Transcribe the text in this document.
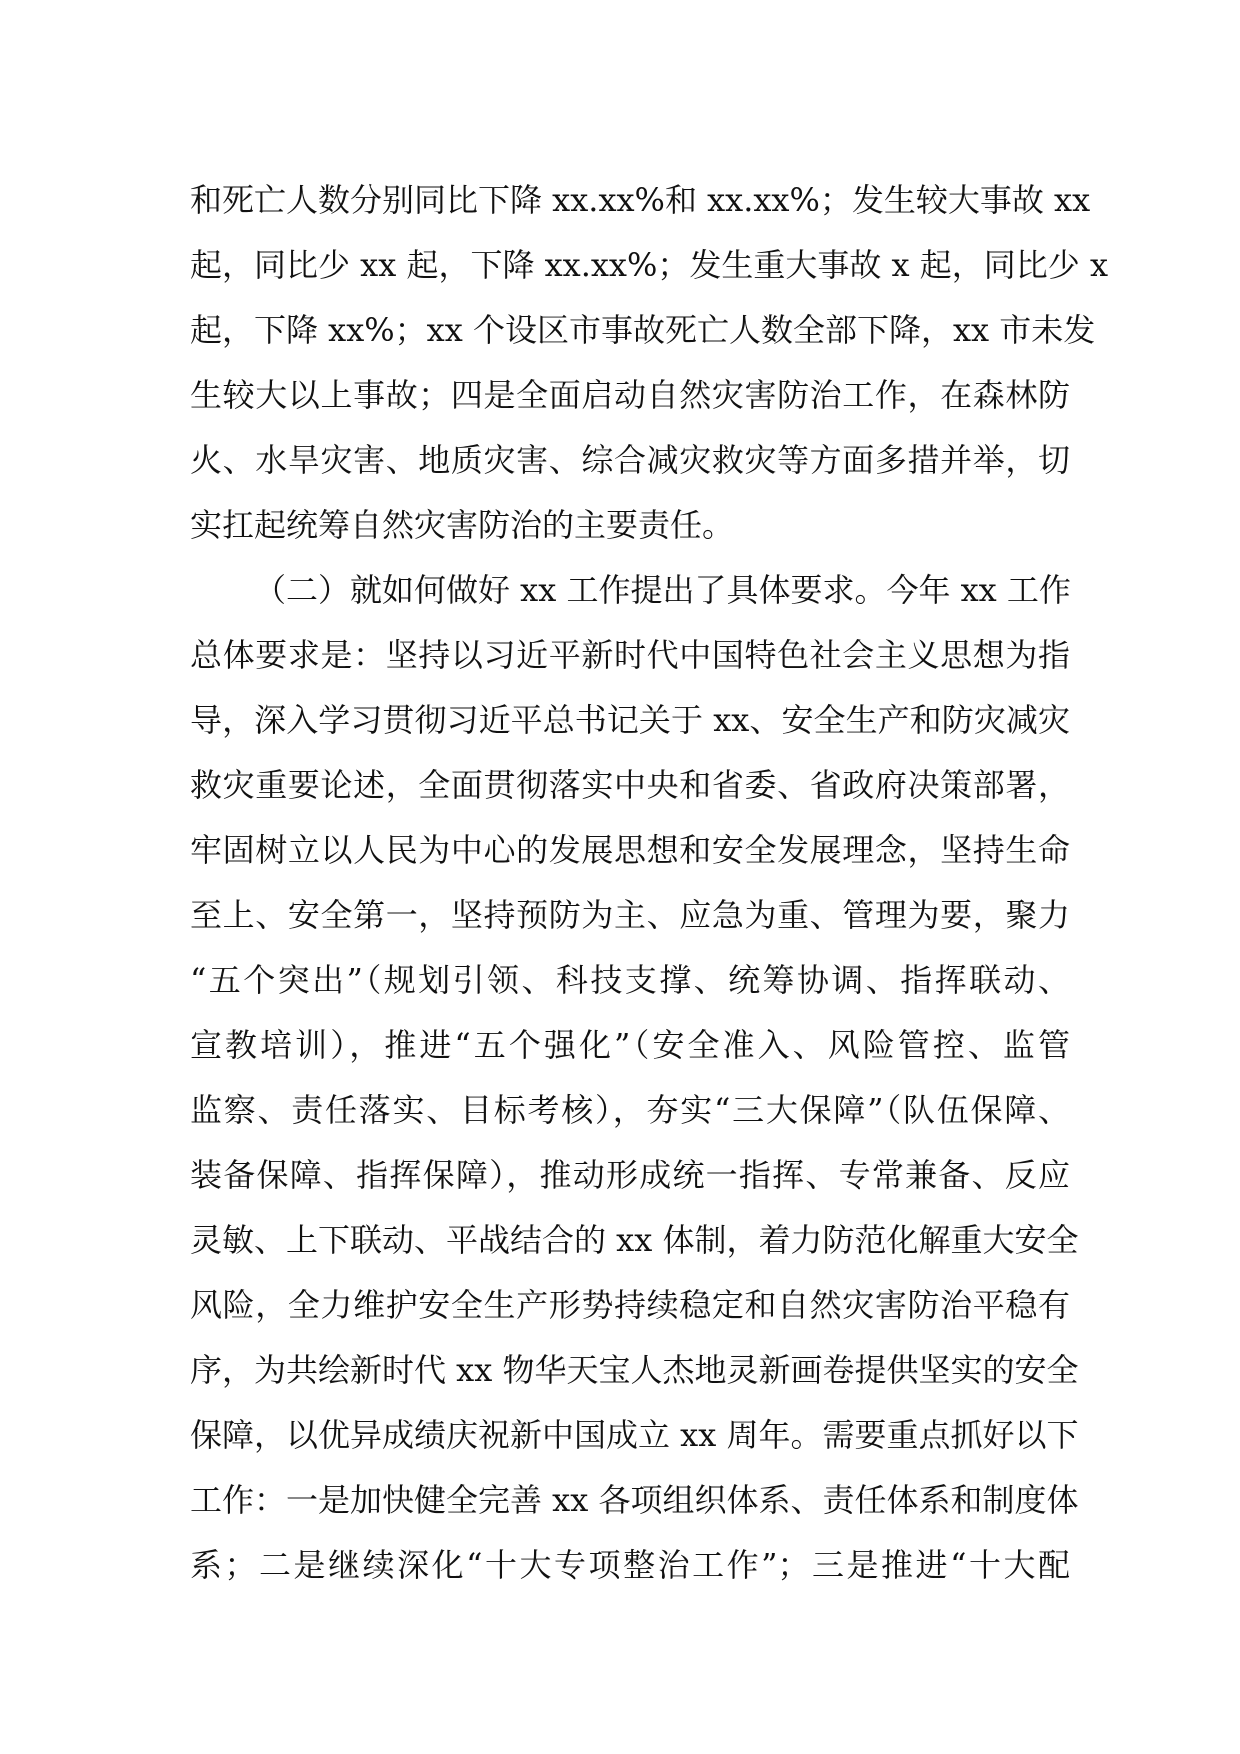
和死亡人数分别同比下降 xx.xx%和 xx.xx%；发生较大事故 xx
起，同比少 xx 起，下降 xx.xx%；发生重大事故 x 起，同比少 x
起，下降 xx%；xx 个设区市事故死亡人数全部下降，xx 市未发
生较大以上事故；四是全面启动自然灾害防治工作，在森林防
火、水旱灾害、地质灾害、综合减灾救灾等方面多措并举，切
实扛起统筹自然灾害防治的主要责任。
（二）就如何做好 xx 工作提出了具体要求。今年 xx 工作
总体要求是：坚持以习近平新时代中国特色社会主义思想为指
导，深入学习贯彻习近平总书记关于 xx、安全生产和防灾减灾
救灾重要论述，全面贯彻落实中央和省委、省政府决策部署，
牢固树立以人民为中心的发展思想和安全发展理念，坚持生命
至上、安全第一，坚持预防为主、应急为重、管理为要，聚力
“五个突出”（规划引领、科技支撑、统筹协调、指挥联动、
宣教培训），推进“五个强化”（安全准入、风险管控、监管
监察、责任落实、目标考核），夯实“三大保障”（队伍保障、
装备保障、指挥保障），推动形成统一指挥、专常兼备、反应
灵敏、上下联动、平战结合的 xx 体制，着力防范化解重大安全
风险，全力维护安全生产形势持续稳定和自然灾害防治平稳有
序，为共绘新时代 xx 物华天宝人杰地灵新画卷提供坚实的安全
保障，以优异成绩庆祝新中国成立 xx 周年。需要重点抓好以下
工作：一是加快健全完善 xx 各项组织体系、责任体系和制度体
系；二是继续深化“十大专项整治工作”；三是推进“十大配
